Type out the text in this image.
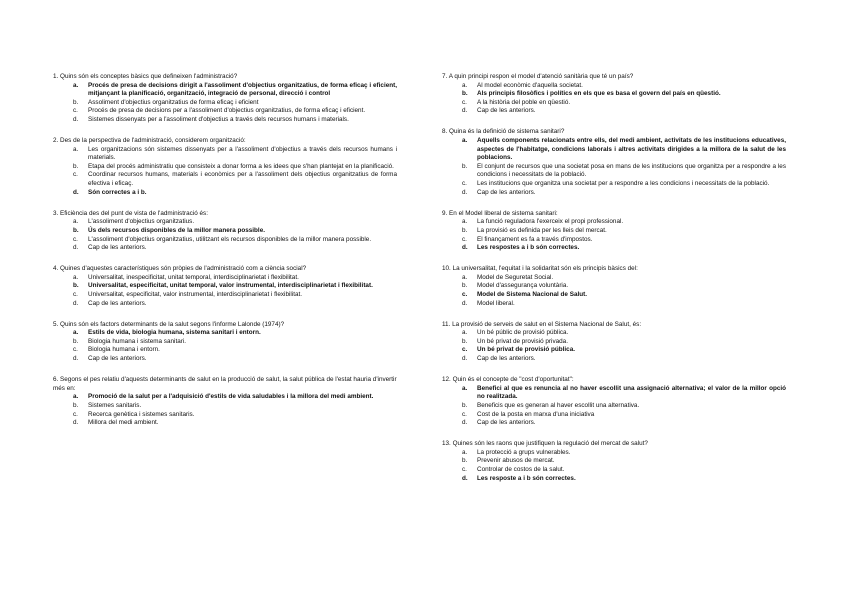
1. Quins són els conceptes bàsics que defineixen l'administració?

a.	Procés de presa de decisions dirigit a l'assoliment d'objectius organitzatius, de forma eficaç i eficient, mitjançant la planificació, organització, integració de personal, direcció i control
b.	Assoliment d'objectius organitzatius de forma eficaç i eficient
c.	Procés de presa de decisions per a l'assoliment d'objectius organitzatius, de forma eficaç i eficient.
d.	Sistemes dissenyats per a l'assoliment d'objectius a través dels recursos humans i materials.

2. Des de la perspectiva de l'administració, considerem organització:

a.	Les organitzacions són sistemes dissenyats per a l'assoliment d'objectius a través dels recursos humans i materials.
b.	Etapa del procés administratiu que consisteix a donar forma a les idees que s'han plantejat en la planificació.
c.	Coordinar recursos humans, materials i econòmics per a l'assoliment dels objectius organitzatius de forma efectiva i eficaç.
d.	Són correctes a i b.

3. Eficiència des del punt de vista de l'administració és:

a.	L'assoliment d'objectius organitzatius.
b.	Ús dels recursos disponibles de la millor manera possible.
c.	L'assoliment d'objectius organitzatius, utilitzant els recursos disponibles de la millor manera possible.
d.	Cap de les anteriors.

4. Quines d'aquestes característiques són pròpies de l'administració com a ciència social?

a.	Universalitat, inespecificitat, unitat temporal, interdisciplinarietat i flexibilitat.
b.	Universalitat, especificitat, unitat temporal, valor instrumental, interdisciplinarietat i flexibilitat.
c.	Universalitat, especificitat, valor instrumental, interdisciplinarietat i flexibilitat.
d.	Cap de les anteriors.

5. Quins són els factors determinants de la salut segons l'informe Lalonde (1974)?

a.	Estils de vida, biologia humana, sistema sanitari i entorn.
b.	Biologia humana i sistema sanitari.
c.	Biologia humana i entorn.
d.	Cap de les anteriors.

6. Segons el pes relatiu d'aquests determinants de salut en la producció de salut, la salut pública de l'estat hauria d'invertir més en:

a.	Promoció de la salut per a l'adquisició d'estils de vida saludables i la millora del medi ambient.
b.	Sistemes sanitaris.
c.	Recerca genètica i sistemes sanitaris.
d.	Millora del medi ambient.

7. A quin principi respon el model d'atenció sanitària que té un país?

a.	Al model econòmic d'aquella societat.
b.	Als principis filosòfics i polítics en els que es basa el govern del país en qüestió.
c.	A la història del poble en qüestió.
d.	Cap de les anteriors.

8. Quina és la definició de sistema sanitari?

a.	Aquells components relacionats entre ells, del medi ambient, activitats de les institucions educatives, aspectes de l'habitatge, condicions laborals i altres activitats dirigides a la millora de la salut de les poblacions.
b.	El conjunt de recursos que una societat posa en mans de les institucions que organitza per a respondre a les condicions i necessitats de la població.
c.	Les institucions que organitza una societat per a respondre a les condicions i necessitats de la població.
d.	Cap de les anteriors.

9. En el Model liberal de sistema sanitari:

a.	La funció reguladora l'exerceix el propi professional.
b.	La provisió es definida per les lleis del mercat.
c.	El finançament es fa a través d'impostos.
d.	Les respostes a i b són correctes.

10. La universalitat, l'equitat i la solidaritat són els principis bàsics del:

a.	Model de Seguretat Social.
b.	Model d'assegurança voluntària.
c.	Model de Sistema Nacional de Salut.
d.	Model liberal.

11. La provisió de serveis de salut en el Sistema Nacional de Salut, és:

a.	Un bé públic de provisió pública.
b.	Un bé privat de provisió privada.
c.	Un bé privat de provisió pública.
d.	Cap de les anteriors.

12. Quin és el concepte de "cost d'oportunitat":

a.	Benefici al que es renuncia al no haver escollit una assignació alternativa; el valor de la millor opció no realitzada.
b.	Beneficis que es generan al haver escollit una alternativa.
c.	Cost de la posta en marxa d'una iniciativa
d.	Cap de les anteriors.

13. Quines són les raons que justifiquen la regulació del mercat de salut?

a.	La protecció a grups vulnerables.
b.	Prevenir abusos de mercat.
c.	Controlar de costos de la salut.
d.	Les resposte a i b són correctes.
